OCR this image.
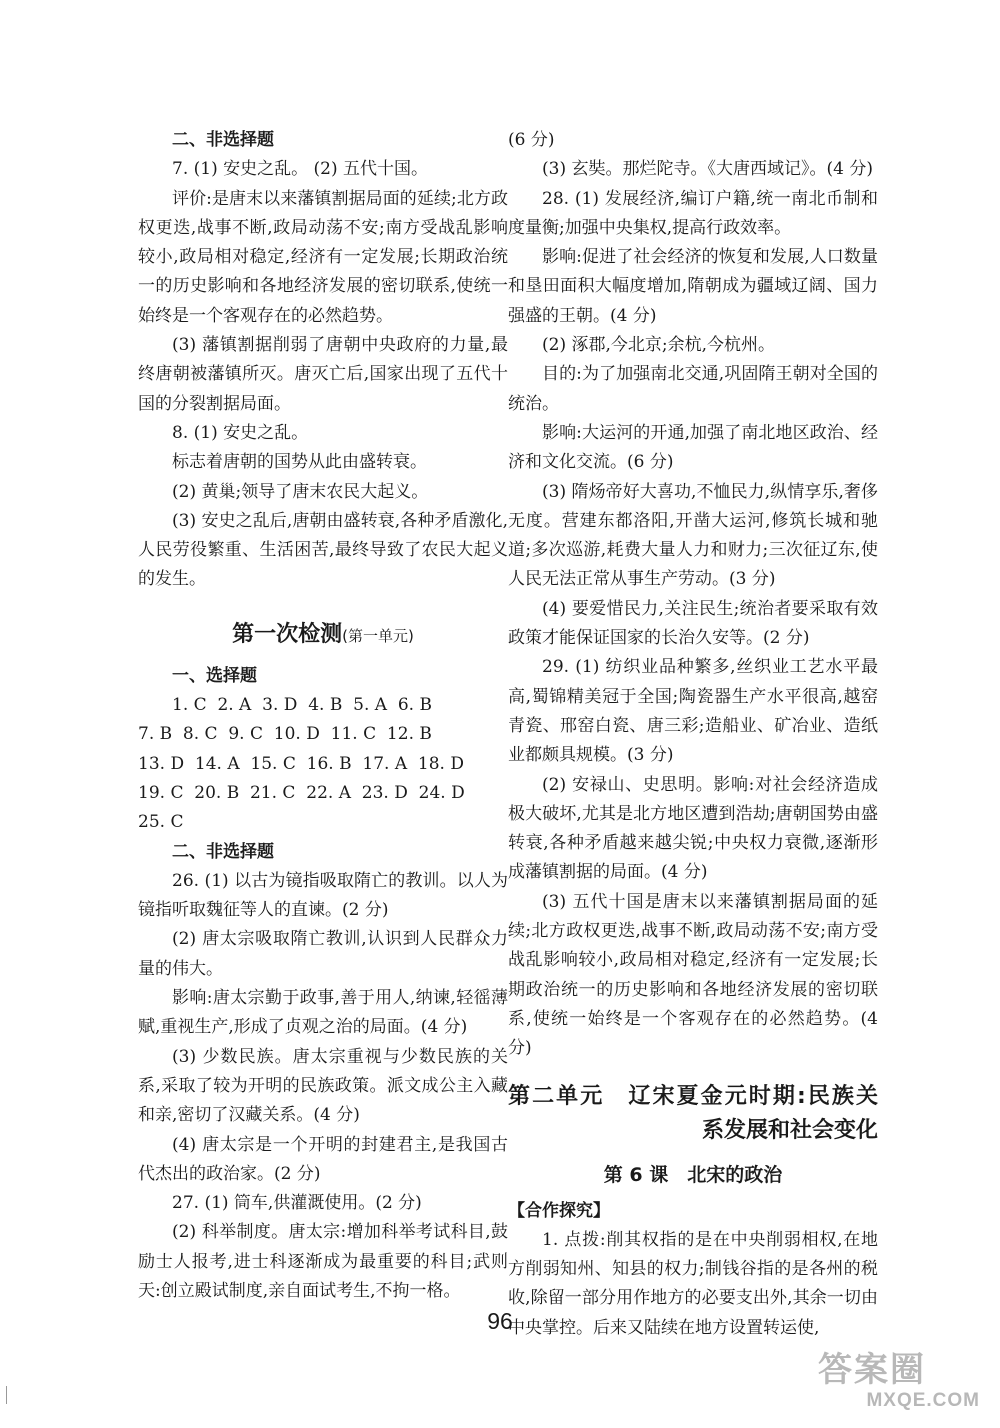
二、非选择题

7. (1) 安史之乱。 (2) 五代十国。

评价:是唐末以来藩镇割据局面的延续;北方政权更迭,战事不断,政局动荡不安;南方受战乱影响较小,政局相对稳定,经济有一定发展;长期政治统一的历史影响和各地经济发展的密切联系,使统一始终是一个客观存在的必然趋势。

(3) 藩镇割据削弱了唐朝中央政府的力量,最终唐朝被藩镇所灭。唐灭亡后,国家出现了五代十国的分裂割据局面。

8. (1) 安史之乱。

标志着唐朝的国势从此由盛转衰。

(2) 黄巢;领导了唐末农民大起义。

(3) 安史之乱后,唐朝由盛转衰,各种矛盾激化,人民劳役繁重、生活困苦,最终导致了农民大起义的发生。

第一次检测(第一单元)

一、选择题

1. C  2. A  3. D  4. B  5. A  6. B

7. B  8. C  9. C  10. D  11. C  12. B

13. D  14. A  15. C  16. B  17. A  18. D

19. C  20. B  21. C  22. A  23. D  24. D

25. C

二、非选择题

26. (1) 以古为镜指吸取隋亡的教训。以人为镜指听取魏征等人的直谏。(2 分)

(2) 唐太宗吸取隋亡教训,认识到人民群众力量的伟大。

影响:唐太宗勤于政事,善于用人,纳谏,轻徭薄赋,重视生产,形成了贞观之治的局面。(4 分)

(3) 少数民族。唐太宗重视与少数民族的关系,采取了较为开明的民族政策。派文成公主入藏和亲,密切了汉藏关系。(4 分)

(4) 唐太宗是一个开明的封建君主,是我国古代杰出的政治家。(2 分)

27. (1) 筒车,供灌溉使用。(2 分)

(2) 科举制度。唐太宗:增加科举考试科目,鼓励士人报考,进士科逐渐成为最重要的科目;武则天:创立殿试制度,亲自面试考生,不拘一格。

(6 分)

(3) 玄奘。那烂陀寺。《大唐西域记》。(4 分)

28. (1) 发展经济,编订户籍,统一南北币制和度量衡;加强中央集权,提高行政效率。

影响:促进了社会经济的恢复和发展,人口数量和垦田面积大幅度增加,隋朝成为疆域辽阔、国力强盛的王朝。(4 分)

(2) 涿郡,今北京;余杭,今杭州。

目的:为了加强南北交通,巩固隋王朝对全国的统治。

影响:大运河的开通,加强了南北地区政治、经济和文化交流。(6 分)

(3) 隋炀帝好大喜功,不恤民力,纵情享乐,奢侈无度。营建东都洛阳,开凿大运河,修筑长城和驰道;多次巡游,耗费大量人力和财力;三次征辽东,使人民无法正常从事生产劳动。(3 分)

(4) 要爱惜民力,关注民生;统治者要采取有效政策才能保证国家的长治久安等。(2 分)

29. (1) 纺织业品种繁多,丝织业工艺水平最高,蜀锦精美冠于全国;陶瓷器生产水平很高,越窑青瓷、邢窑白瓷、唐三彩;造船业、矿冶业、造纸业都颇具规模。(3 分)

(2) 安禄山、史思明。影响:对社会经济造成极大破坏,尤其是北方地区遭到浩劫;唐朝国势由盛转衰,各种矛盾越来越尖锐;中央权力衰微,逐渐形成藩镇割据的局面。(4 分)

(3) 五代十国是唐末以来藩镇割据局面的延续;北方政权更迭,战事不断,政局动荡不安;南方受战乱影响较小,政局相对稳定,经济有一定发展;长期政治统一的历史影响和各地经济发展的密切联系,使统一始终是一个客观存在的必然趋势。(4 分)

第二单元　辽宋夏金元时期:民族关
系发展和社会变化
第 6 课　北宋的政治

【合作探究】

1. 点拨:削其权指的是在中央削弱相权,在地方削弱知州、知县的权力;制钱谷指的是各州的税收,除留一部分用作地方的必要支出外,其余一切由中央掌控。后来又陆续在地方设置转运使,

96
答案圈
MXQE.COM
